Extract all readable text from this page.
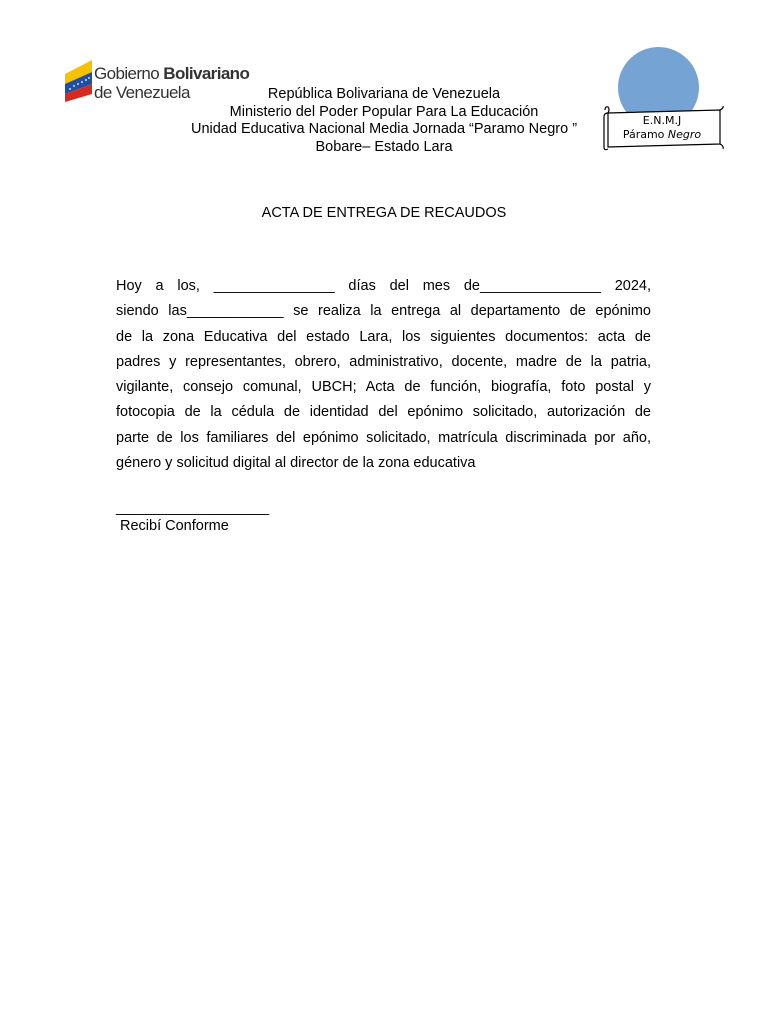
Gobierno Bolivariano
de Venezuela	República Bolivariana de Venezuela
Ministerio del Poder Popular Para La Educación
Unidad Educativa Nacional Media Jornada “Paramo Negro ”
Bobare– Estado Lara
E.N.M.J
Páramo Negro
ACTA DE ENTREGA DE RECAUDOS
Hoy a los, _______________ días del mes de_______________ 2024,
siendo las____________ se realiza la entrega al departamento de epónimo
de la zona Educativa del estado Lara, los siguientes documentos: acta de
padres y representantes, obrero, administrativo, docente, madre de la patria,
vigilante, consejo comunal, UBCH; Acta de función, biografía, foto postal y
fotocopia de la cédula de identidad del epónimo solicitado, autorización de
parte de los familiares del epónimo solicitado, matrícula discriminada por año,
género y solicitud digital al director de la zona educativa
___________________
Recibí Conforme
